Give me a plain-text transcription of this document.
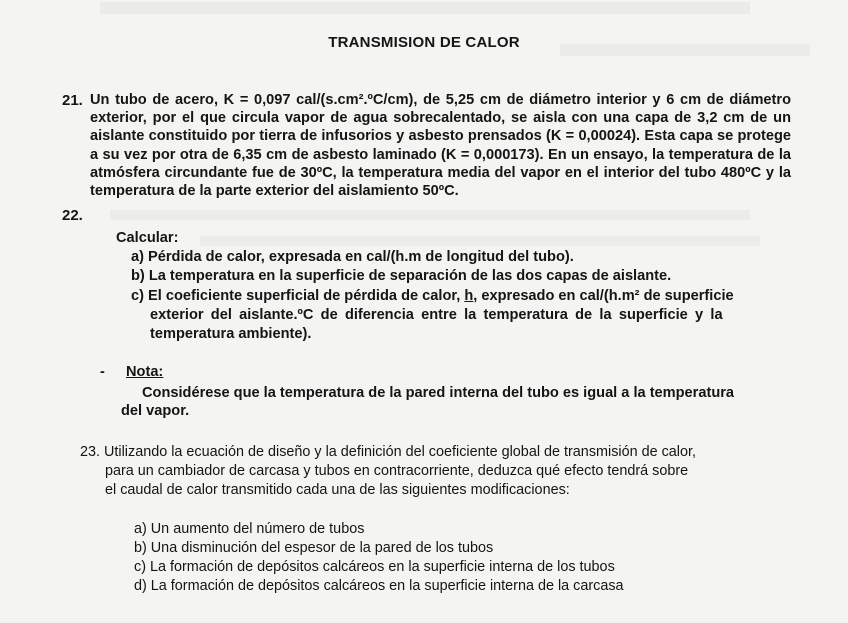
TRANSMISION DE CALOR
21. Un tubo de acero, K = 0,097 cal/(s.cm².ºC/cm), de 5,25 cm de diámetro interior y 6 cm de diámetro exterior, por el que circula vapor de agua sobrecalentado, se aisla con una capa de 3,2 cm de un aislante constituido por tierra de infusorios y asbesto prensados (K = 0,00024). Esta capa se protege a su vez por otra de 6,35 cm de asbesto laminado (K = 0,000173). En un ensayo, la temperatura de la atmósfera circundante fue de 30ºC, la temperatura media del vapor en el interior del tubo 480ºC y la temperatura de la parte exterior del aislamiento 50ºC.
22.
Calcular:
a) Pérdida de calor, expresada en cal/(h.m de longitud del tubo).
b) La temperatura en la superficie de separación de las dos capas de aislante.
c) El coeficiente superficial de pérdida de calor, h, expresado en cal/(h.m² de superficie
exterior del aislante.ºC de diferencia entre la temperatura de la superficie y la
temperatura ambiente).
- Nota:
Considérese que la temperatura de la pared interna del tubo es igual a la temperatura
del vapor.
23. Utilizando la ecuación de diseño y la definición del coeficiente global de transmisión de calor,
para un cambiador de carcasa y tubos en contracorriente, deduzca qué efecto tendrá sobre
el caudal de calor transmitido cada una de las siguientes modificaciones:
a) Un aumento del número de tubos
b) Una disminución del espesor de la pared de los tubos
c) La formación de depósitos calcáreos en la superficie interna de los tubos
d) La formación de depósitos calcáreos en la superficie interna de la carcasa
